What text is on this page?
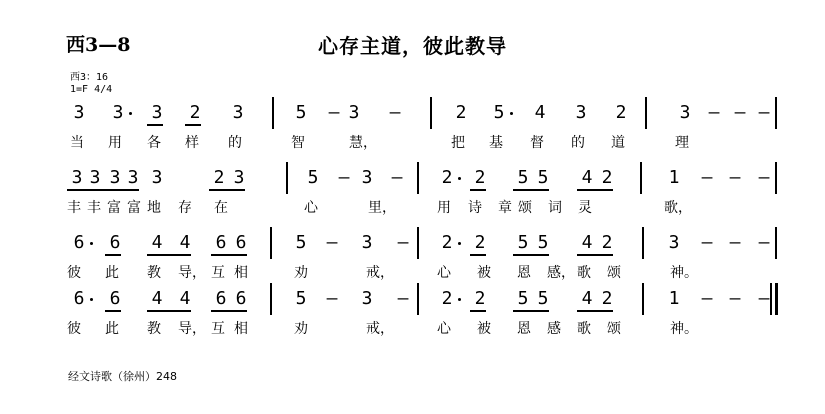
西3—8	心存主道，彼此教导
西3：16
1=F 4/4
3 3 3 2 3	5 – 3 –	2 5 4 3 2	3 – – –
当 用 各 样 的	智	慧，	把 基 督 的 道	理
3 3 3 3 3	2 3	5 – 3 – 2 2 5 5 4 2	1 – – –
丰 丰 富 富 地 存 在	心	里，	用 诗 章 颂 词 灵	歌，
6 6 4 4 6 6	5 – 3 – 2 2 5 5 4 2	3 – – –
彼 此 教 导， 互 相	劝	戒，	心 被 恩 感， 歌 颂	神。
6 6 4 4 6 6	5 – 3 – 2 2 5 5 4 2	1 – – –
彼 此 教 导， 互 相	劝	戒，	心 被 恩 感 歌 颂	神。
经文诗歌（徐州）248
